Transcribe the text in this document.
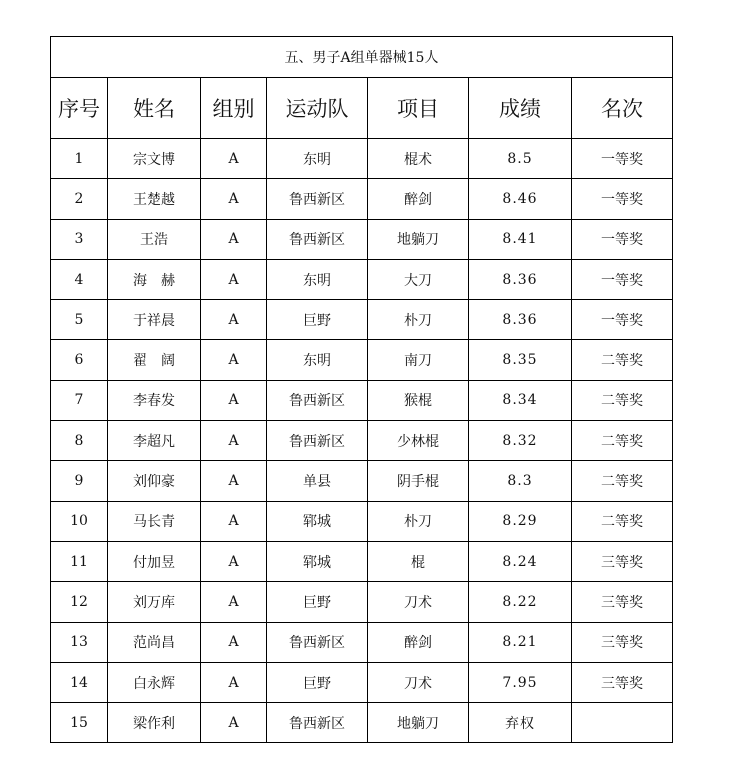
五、男子A组单器械15人						
序号	姓名	组别	运动队	项目	成绩	名次
1	宗文博	A	东明	棍术	8.5	一等奖
2	王楚越	A	鲁西新区	醉剑	8.46	一等奖
3	王浩	A	鲁西新区	地躺刀	8.41	一等奖
4	海　赫	A	东明	大刀	8.36	一等奖
5	于祥晨	A	巨野	朴刀	8.36	一等奖
6	翟　阔	A	东明	南刀	8.35	二等奖
7	李春发	A	鲁西新区	猴棍	8.34	二等奖
8	李超凡	A	鲁西新区	少林棍	8.32	二等奖
9	刘仰豪	A	单县	阴手棍	8.3	二等奖
10	马长青	A	郓城	朴刀	8.29	二等奖
11	付加昱	A	郓城	棍	8.24	三等奖
12	刘万库	A	巨野	刀术	8.22	三等奖
13	范尚昌	A	鲁西新区	醉剑	8.21	三等奖
14	白永辉	A	巨野	刀术	7.95	三等奖
15	梁作利	A	鲁西新区	地躺刀	弃权	
